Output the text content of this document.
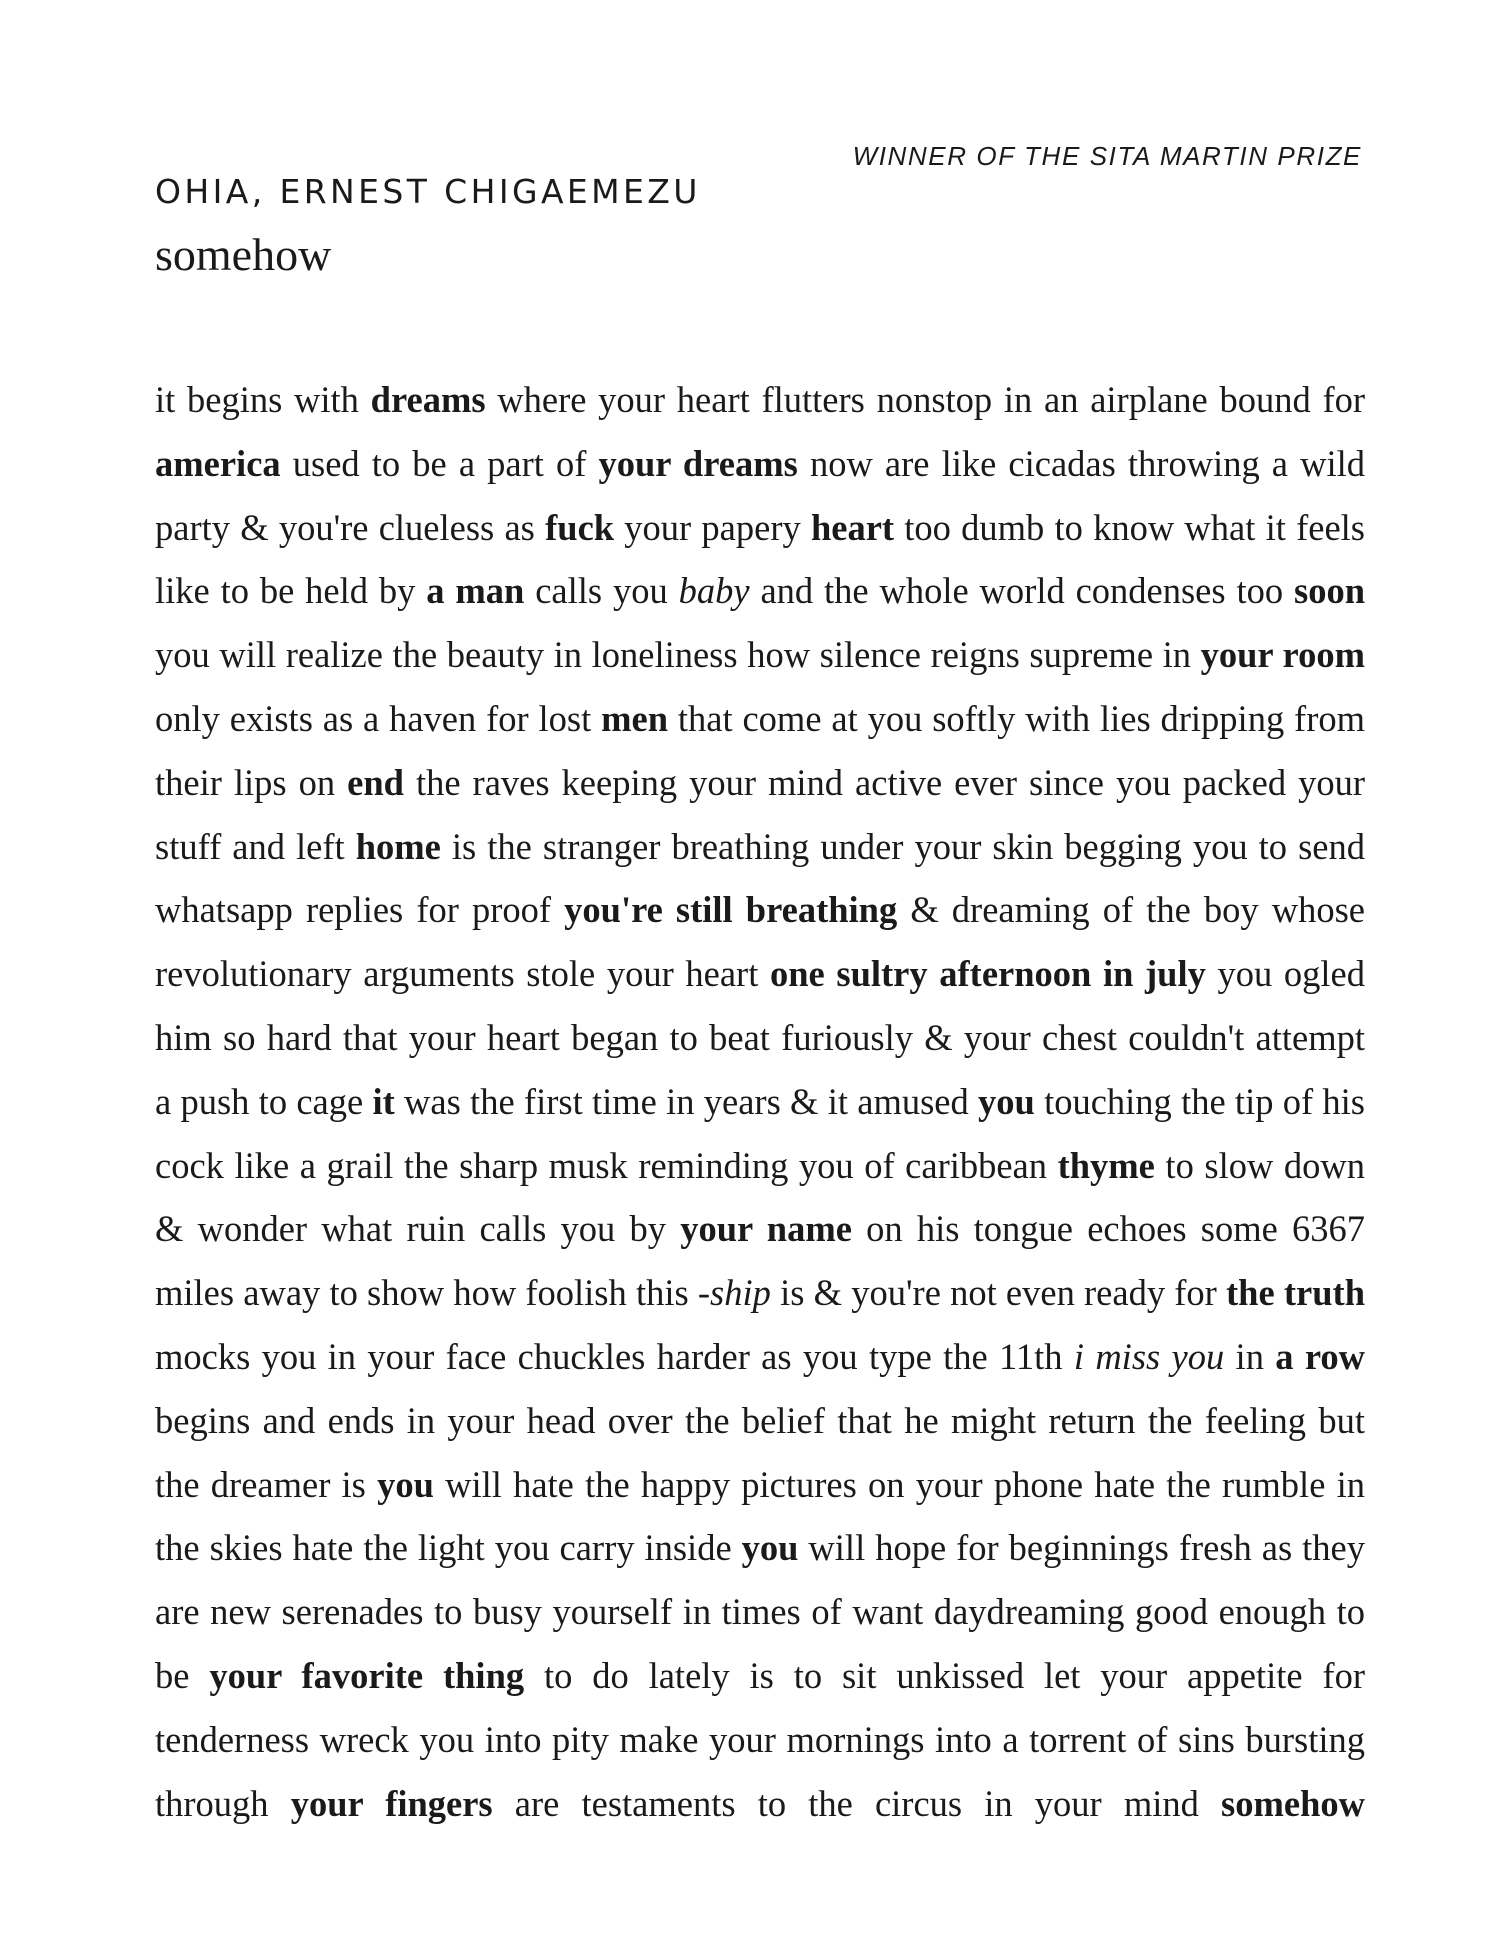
WINNER OF THE SITA MARTIN PRIZE

OHIA, ERNEST CHIGAEMEZU
somehow
it begins with dreams where your heart flutters nonstop in an airplane bound for
america used to be a part of your dreams now are like cicadas throwing a wild
party & you're clueless as fuck your papery heart too dumb to know what it feels
like to be held by a man calls you baby and the whole world condenses too soon
you will realize the beauty in loneliness how silence reigns supreme in your room
only exists as a haven for lost men that come at you softly with lies dripping from
their lips on end the raves keeping your mind active ever since you packed your
stuff and left home is the stranger breathing under your skin begging you to send
whatsapp replies for proof you're still breathing & dreaming of the boy whose
revolutionary arguments stole your heart one sultry afternoon in july you ogled
him so hard that your heart began to beat furiously & your chest couldn't attempt
a push to cage it was the first time in years & it amused you touching the tip of his
cock like a grail the sharp musk reminding you of caribbean thyme to slow down
& wonder what ruin calls you by your name on his tongue echoes some 6367
miles away to show how foolish this -ship is & you're not even ready for the truth
mocks you in your face chuckles harder as you type the 11th i miss you in a row
begins and ends in your head over the belief that he might return the feeling but
the dreamer is you will hate the happy pictures on your phone hate the rumble in
the skies hate the light you carry inside you will hope for beginnings fresh as they
are new serenades to busy yourself in times of want daydreaming good enough to
be your favorite thing to do lately is to sit unkissed let your appetite for
tenderness wreck you into pity make your mornings into a torrent of sins bursting
through your fingers are testaments to the circus in your mind somehow
